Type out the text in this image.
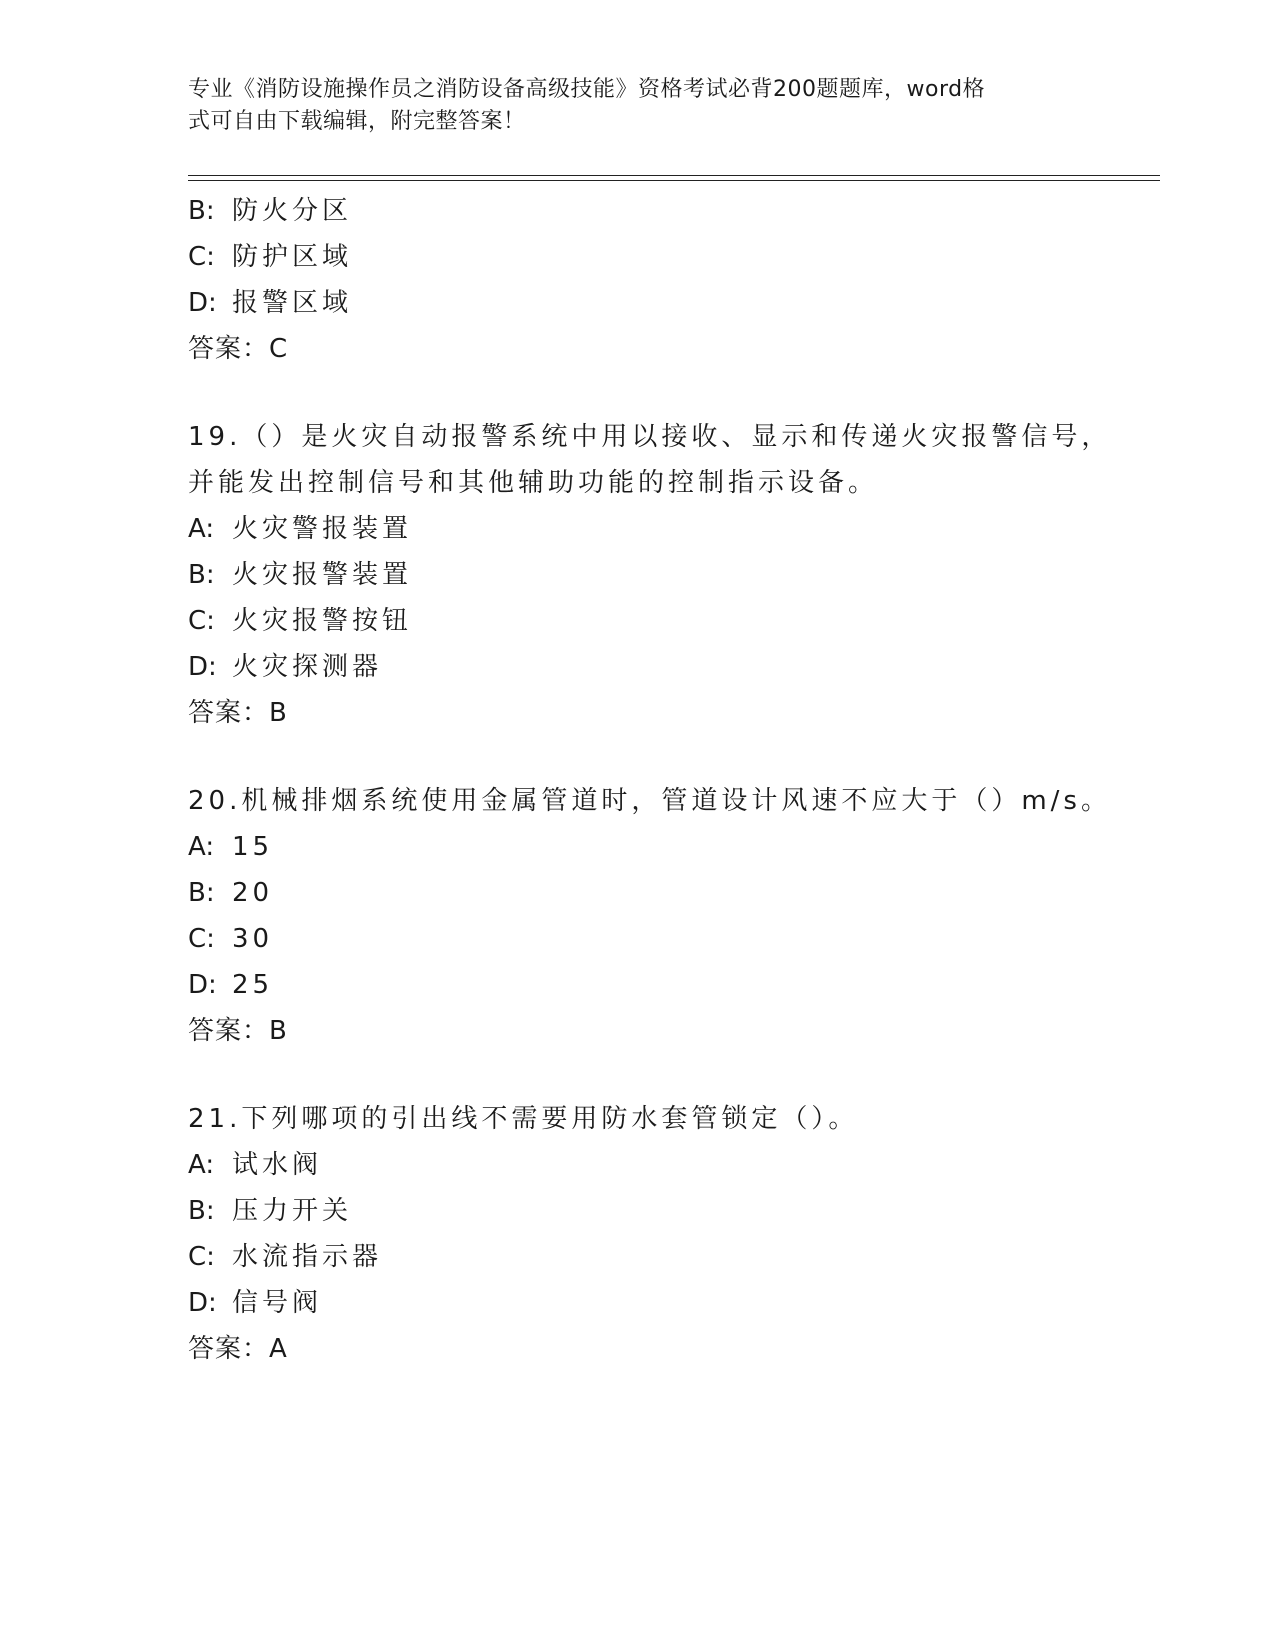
专业《消防设施操作员之消防设备高级技能》资格考试必背200题题库，word格
式可自由下载编辑，附完整答案！
B: 防火分区
C: 防护区域
D: 报警区域
答案：C
19.（）是火灾自动报警系统中用以接收、显示和传递火灾报警信号，
并能发出控制信号和其他辅助功能的控制指示设备。
A: 火灾警报装置
B: 火灾报警装置
C: 火灾报警按钮
D: 火灾探测器
答案：B
20.机械排烟系统使用金属管道时，管道设计风速不应大于（）m/s。
A: 15
B: 20
C: 30
D: 25
答案：B
21.下列哪项的引出线不需要用防水套管锁定（）。
A: 试水阀
B: 压力开关
C: 水流指示器
D: 信号阀
答案：A
